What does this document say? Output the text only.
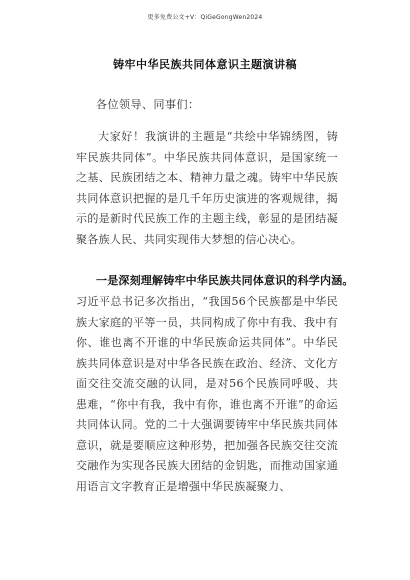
更多免费公文+V：QiGeGongWen2024
铸牢中华民族共同体意识主题演讲稿
各位领导、同事们：

大家好！我演讲的主题是“共绘中华锦绣图，铸牢民族共同体”。中华民族共同体意识，是国家统一之基、民族团结之本、精神力量之魂。铸牢中华民族共同体意识把握的是几千年历史演进的客观规律，揭示的是新时代民族工作的主题主线，彰显的是团结凝聚各族人民、共同实现伟大梦想的信心决心。

一是深刻理解铸牢中华民族共同体意识的科学内涵。

习近平总书记多次指出，“我国56个民族都是中华民族大家庭的平等一员，共同构成了你中有我、我中有你、谁也离不开谁的中华民族命运共同体”。中华民族共同体意识是对中华各民族在政治、经济、文化方面交往交流交融的认同，是对56个民族同呼吸、共患难，“你中有我，我中有你，谁也离不开谁”的命运共同体认同。党的二十大强调要铸牢中华民族共同体意识，就是要顺应这种形势，把加强各民族交往交流交融作为实现各民族大团结的金钥匙，而推动国家通用语言文字教育正是增强中华民族凝聚力、
